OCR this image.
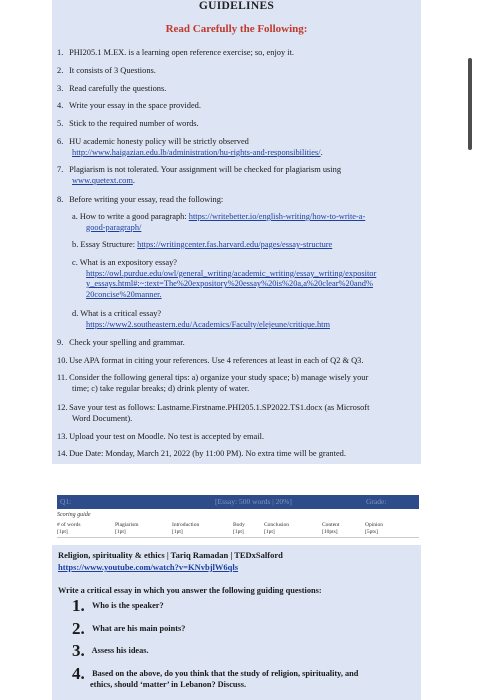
GUIDELINES
Read Carefully the Following:
1. PHI205.1 M.EX. is a learning open reference exercise; so, enjoy it.
2. It consists of 3 Questions.
3. Read carefully the questions.
4. Write your essay in the space provided.
5. Stick to the required number of words.
6. HU academic honesty policy will be strictly observed
http://www.haigazian.edu.lb/administration/hu-rights-and-responsibilities/.
7. Plagiarism is not tolerated. Your assignment will be checked for plagiarism using
www.quetext.com.
8. Before writing your essay, read the following:
a. How to write a good paragraph: https://writebetter.io/english-writing/how-to-write-a-
good-paragraph/
b. Essay Structure: https://writingcenter.fas.harvard.edu/pages/essay-structure
c. What is an expository essay?
https://owl.purdue.edu/owl/general_writing/academic_writing/essay_writing/expositor
y_essays.html#:~:text=The%20expository%20essay%20is%20a,a%20clear%20and%
20concise%20manner.
d. What is a critical essay?
https://www2.southeastern.edu/Academics/Faculty/elejeune/critique.htm
9. Check your spelling and grammar.
10. Use APA format in citing your references. Use 4 references at least in each of Q2 & Q3.
11. Consider the following general tips: a) organize your study space; b) manage wisely your
time; c) take regular breaks; d) drink plenty of water.
12. Save your test as follows: Lastname.Firstname.PHI205.1.SP2022.TS1.docx (as Microsoft
Word Document).
13. Upload your test on Moodle. No test is accepted by email.
14. Due Date: Monday, March 21, 2022 (by 11:00 PM). No extra time will be granted.
Q1:	[Essay: 500 words | 20%]	Grade:
Scoring guide
# of words	Plagiarism	Introduction	Body	Conclusion	Content	Opinion
[1pt]	[1pt]	[1pt]	[1pt]	[1pt]	[10pts]	[5pts]
Religion, spirituality & ethics | Tariq Ramadan | TEDxSalford
https://www.youtube.com/watch?v=KNvbjlW6qls
Write a critical essay in which you answer the following guiding questions:
1. Who is the speaker?
2. What are his main points?
3. Assess his ideas.
4. Based on the above, do you think that the study of religion, spirituality, and
ethics, should ‘matter’ in Lebanon? Discuss.
